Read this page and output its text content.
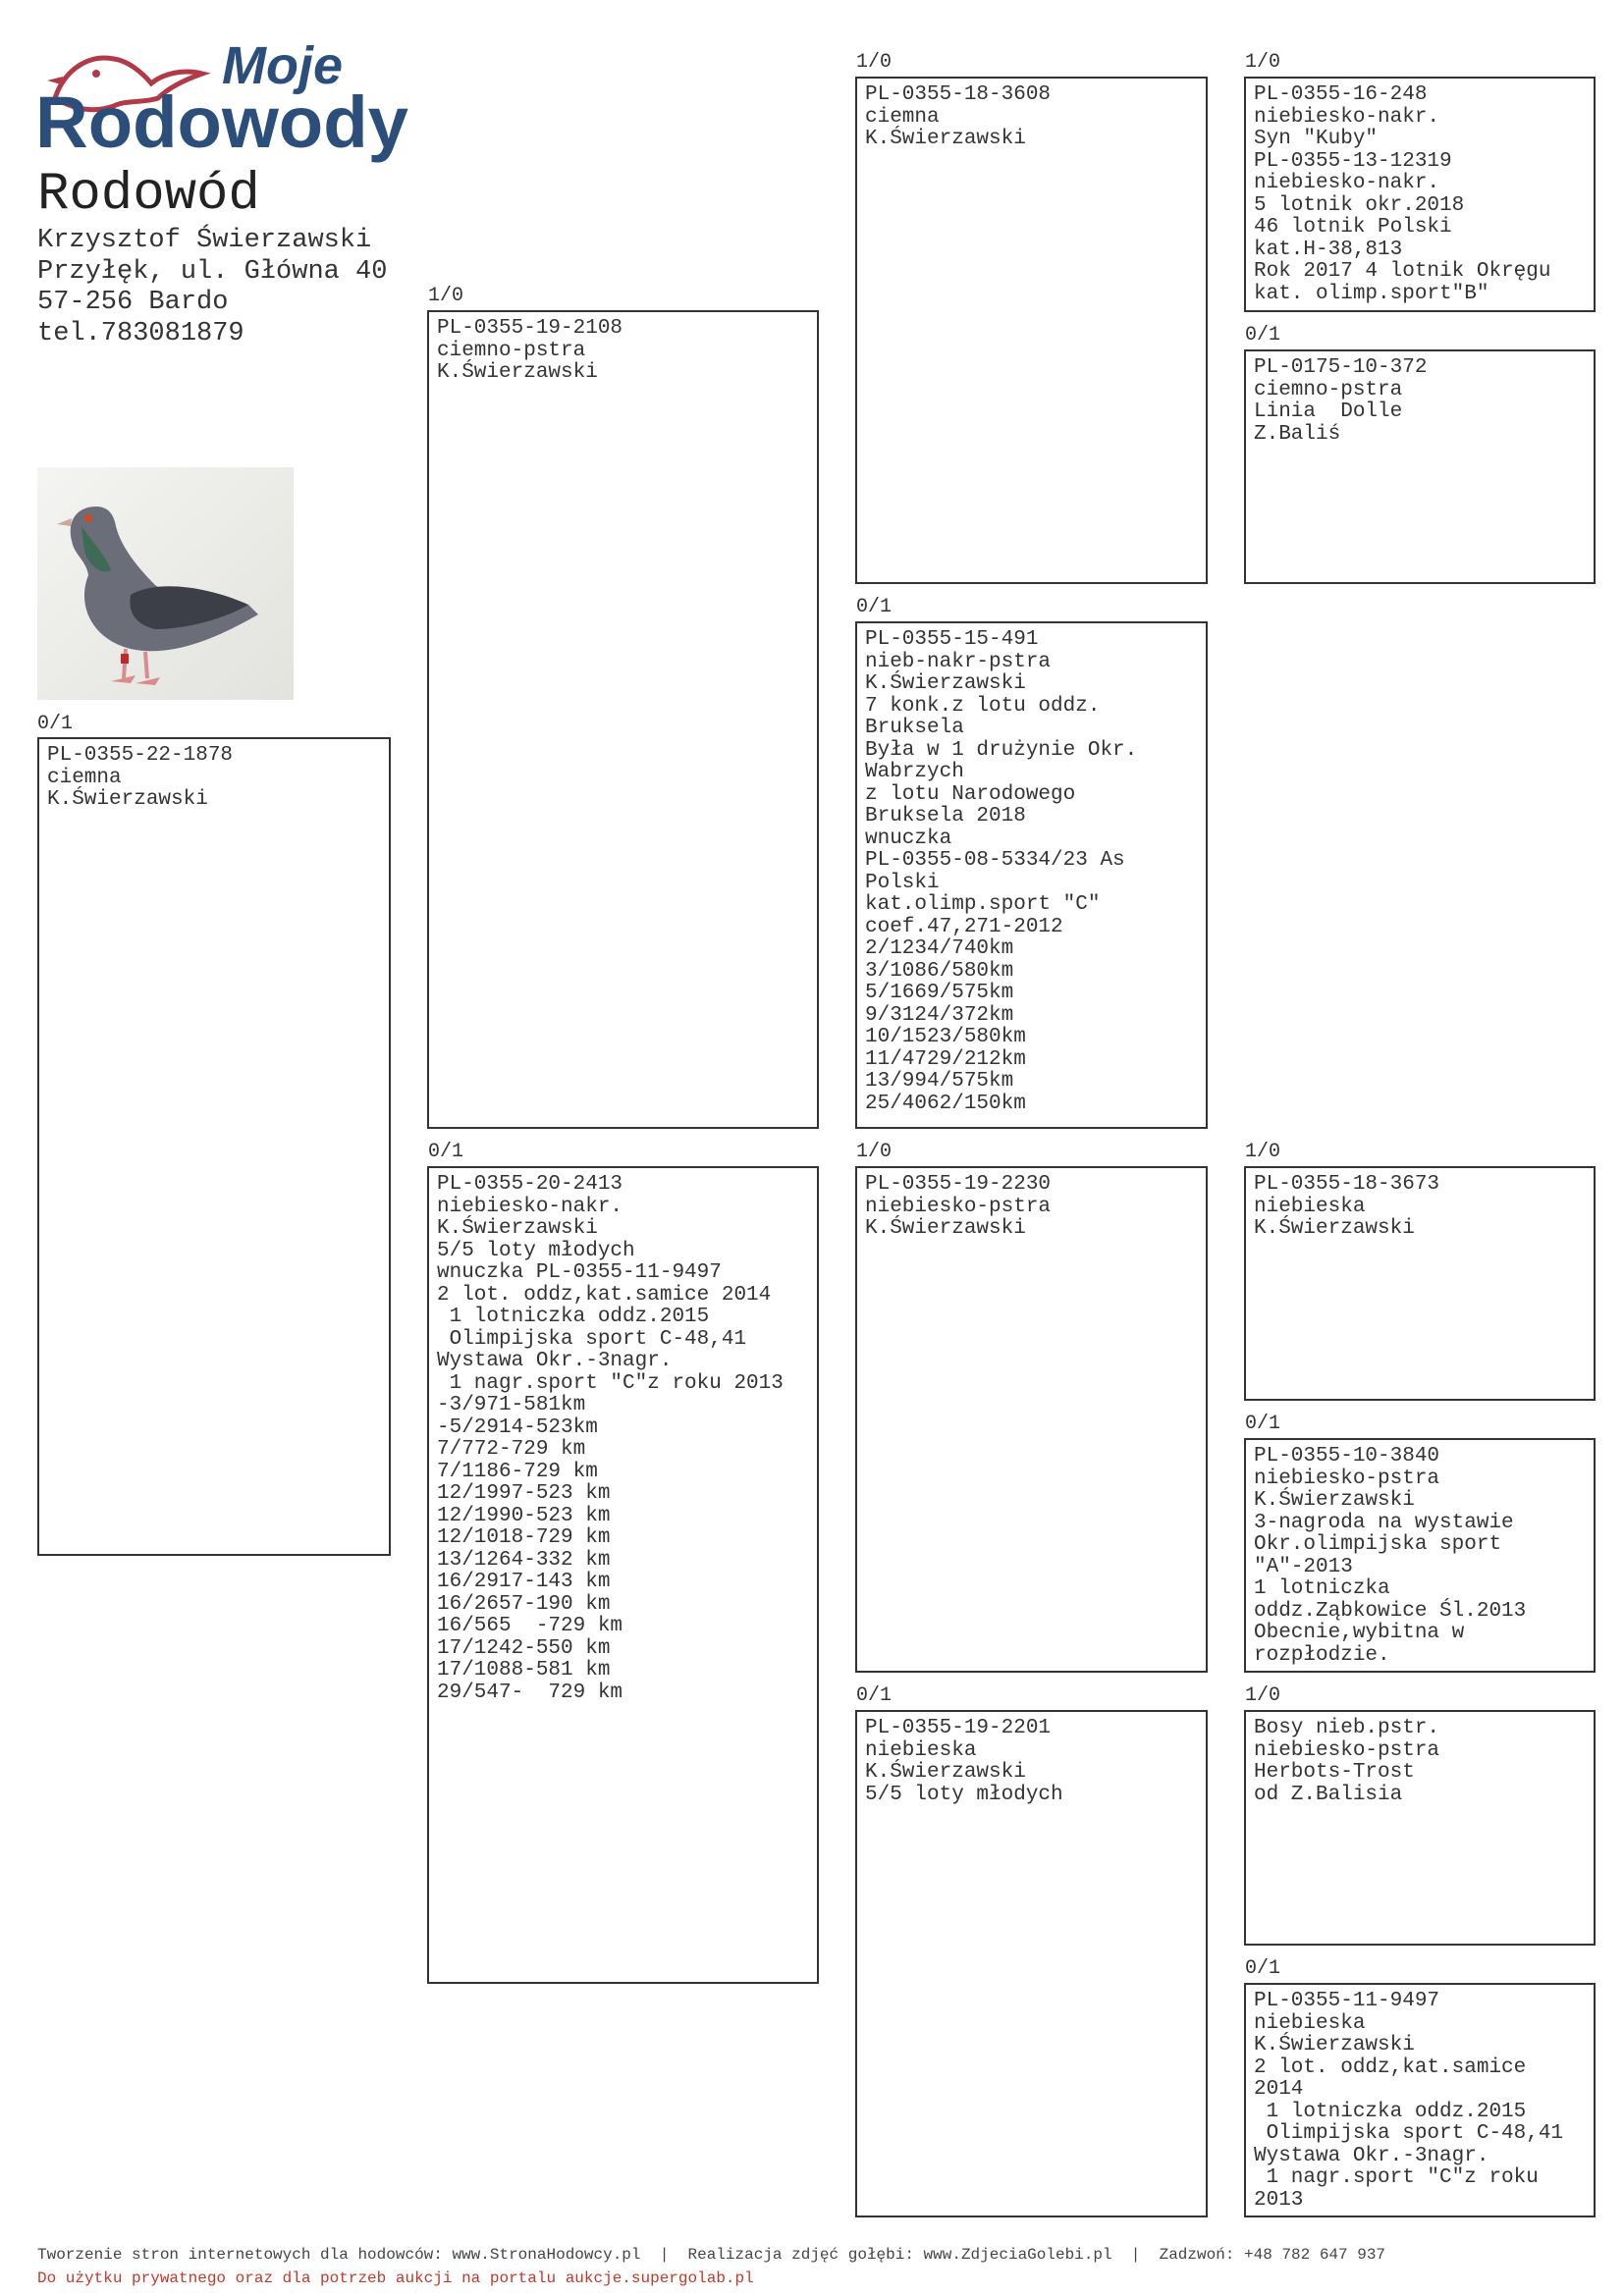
Moje
Rodowody
Rodowód
Krzysztof Świerzawski
Przyłęk, ul. Główna 40
57-256 Bardo
tel.783081879
0/1
PL-0355-22-1878
ciemna
K.Świerzawski
1/0
PL-0355-19-2108
ciemno-pstra
K.Świerzawski
0/1
PL-0355-20-2413
niebiesko-nakr.
K.Świerzawski
5/5 loty młodych
wnuczka PL-0355-11-9497
2 lot. oddz,kat.samice 2014
1 lotniczka oddz.2015
Olimpijska sport C-48,41
Wystawa Okr.-3nagr.
1 nagr.sport "C"z roku 2013
-3/971-581km
-5/2914-523km
7/772-729 km
7/1186-729 km
12/1997-523 km
12/1990-523 km
12/1018-729 km
13/1264-332 km
16/2917-143 km
16/2657-190 km
16/565  -729 km
17/1242-550 km
17/1088-581 km
29/547-  729 km
1/0
PL-0355-18-3608
ciemna
K.Świerzawski
0/1
PL-0355-15-491
nieb-nakr-pstra
K.Świerzawski
7 konk.z lotu oddz.
Bruksela
Była w 1 drużynie Okr.
Wabrzych
z lotu Narodowego
Bruksela 2018
wnuczka
PL-0355-08-5334/23 As
Polski
kat.olimp.sport "C"
coef.47,271-2012
2/1234/740km
3/1086/580km
5/1669/575km
9/3124/372km
10/1523/580km
11/4729/212km
13/994/575km
25/4062/150km
1/0
PL-0355-19-2230
niebiesko-pstra
K.Świerzawski
0/1
PL-0355-19-2201
niebieska
K.Świerzawski
5/5 loty młodych
1/0
PL-0355-16-248
niebiesko-nakr.
Syn "Kuby"
PL-0355-13-12319
niebiesko-nakr.
5 lotnik okr.2018
46 lotnik Polski
kat.H-38,813
Rok 2017 4 lotnik Okręgu
kat. olimp.sport"B"
0/1
PL-0175-10-372
ciemno-pstra
Linia  Dolle
Z.Baliś
1/0
PL-0355-18-3673
niebieska
K.Świerzawski
0/1
PL-0355-10-3840
niebiesko-pstra
K.Świerzawski
3-nagroda na wystawie
Okr.olimpijska sport
"A"-2013
1 lotniczka
oddz.Ząbkowice Śl.2013
Obecnie,wybitna w
rozpłodzie.
1/0
Bosy nieb.pstr.
niebiesko-pstra
Herbots-Trost
od Z.Balisia
0/1
PL-0355-11-9497
niebieska
K.Świerzawski
2 lot. oddz,kat.samice
2014
1 lotniczka oddz.2015
Olimpijska sport C-48,41
Wystawa Okr.-3nagr.
1 nagr.sport "C"z roku
2013
Tworzenie stron internetowych dla hodowców: www.StronaHodowcy.pl  |  Realizacja zdjęć gołębi: www.ZdjeciaGolebi.pl  |  Zadzwoń: +48 782 647 937
Do użytku prywatnego oraz dla potrzeb aukcji na portalu aukcje.supergolab.pl
